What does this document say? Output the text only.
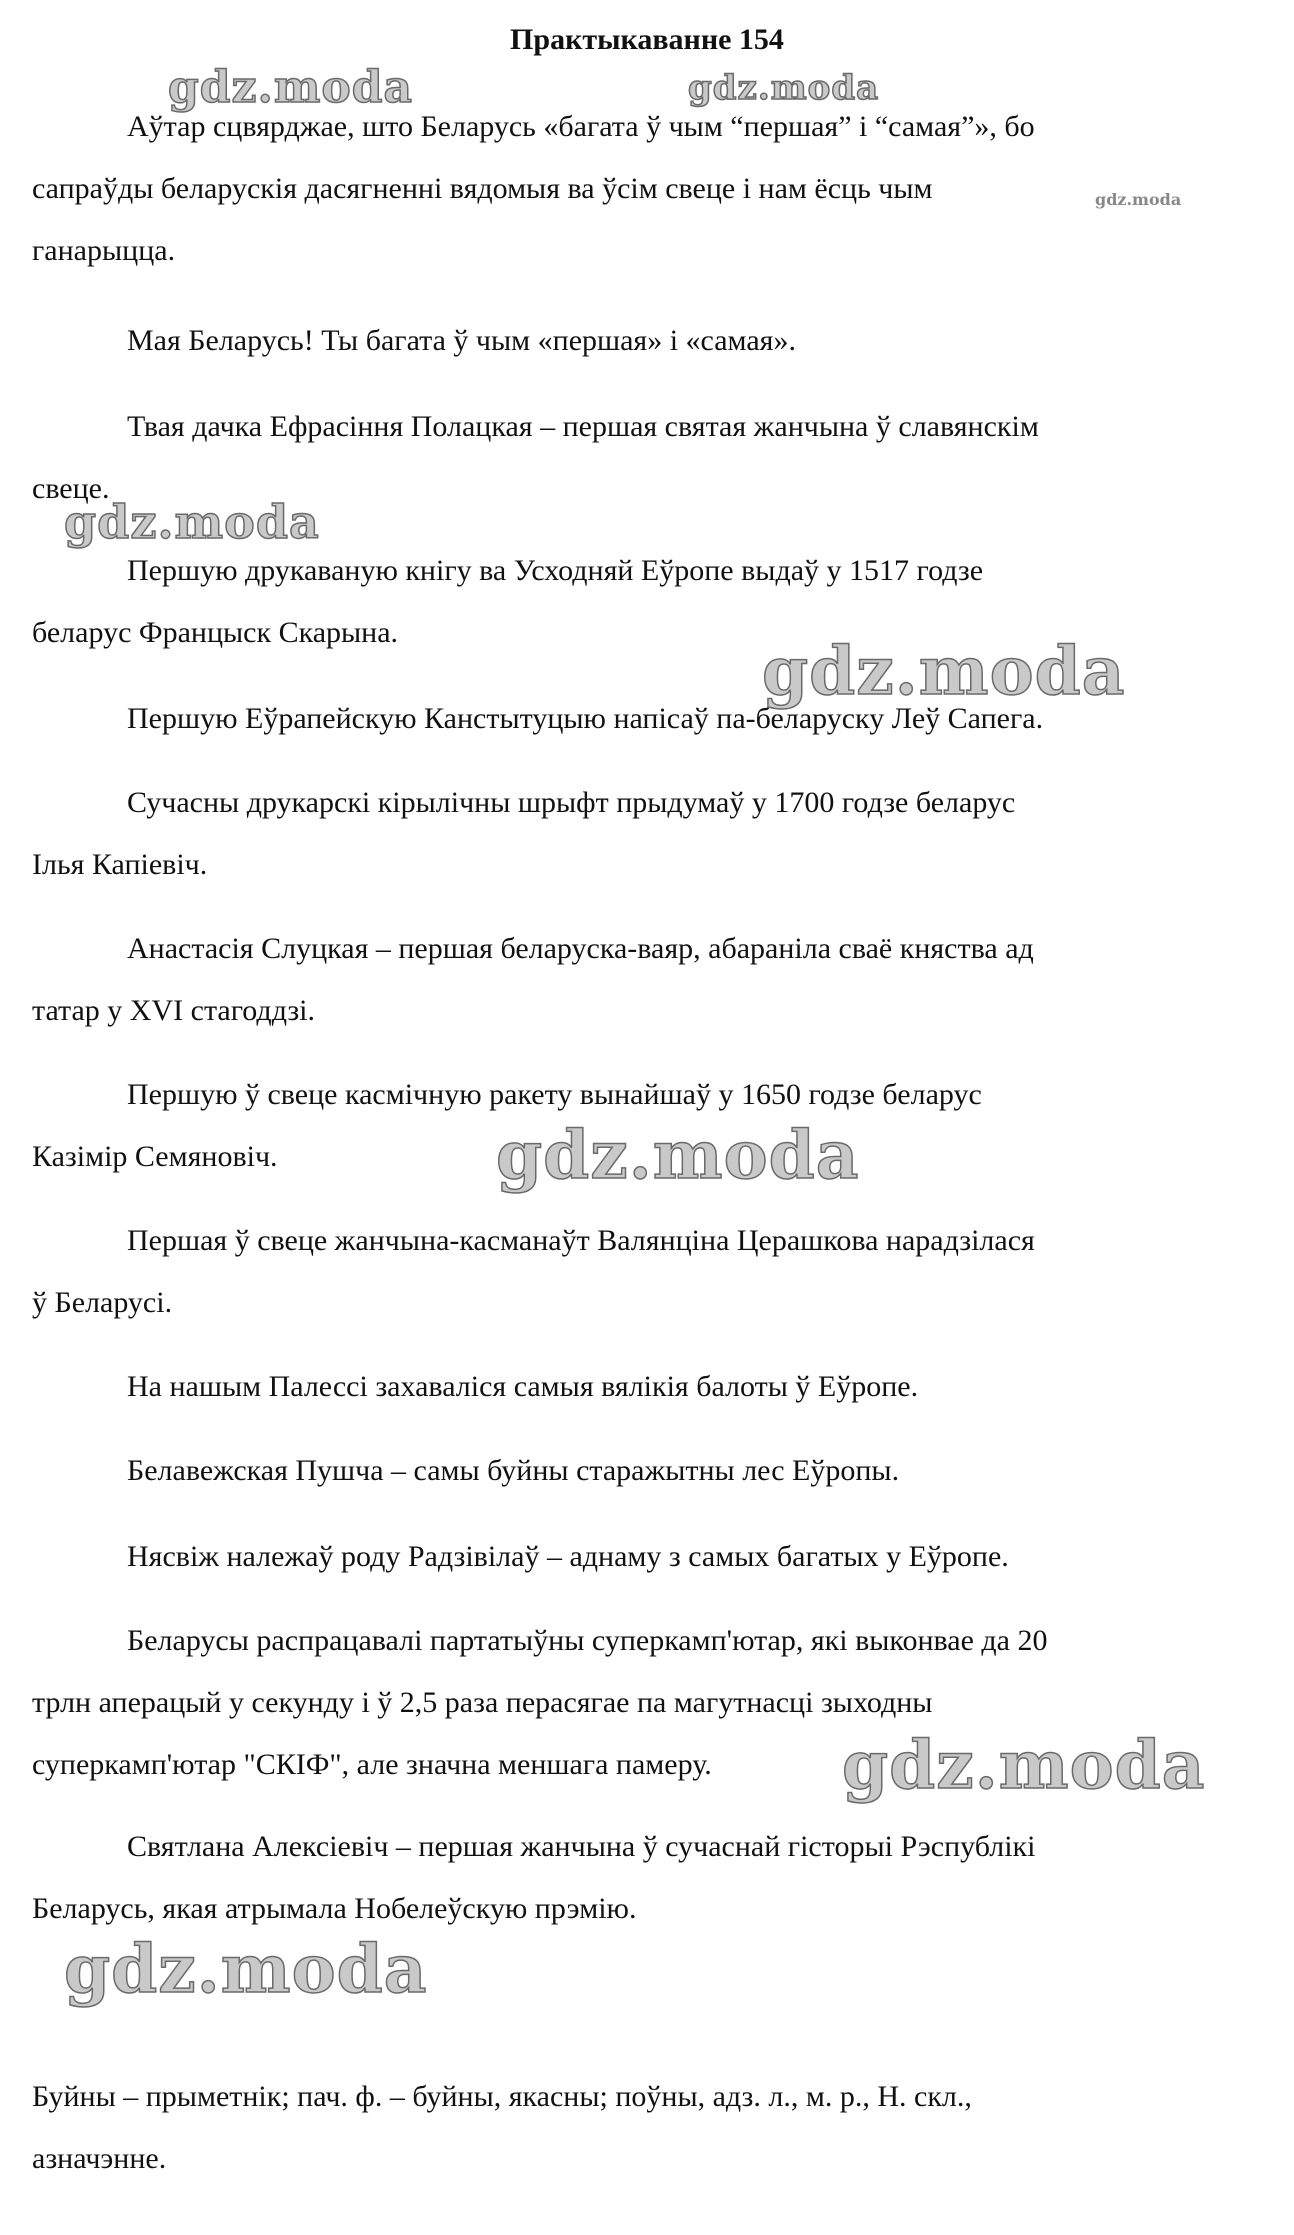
Практыкаванне 154
Аўтар сцвярджае, што Беларусь «багата ў чым “першая” і “самая”», бо
сапраўды беларускія дасягненні вядомыя ва ўсім свеце і нам ёсць чым
ганарыцца.
Мая Беларусь! Ты багата ў чым «першая» і «самая».
Твая дачка Ефрасіння Полацкая – першая святая жанчына ў славянскім
свеце.
Першую друкаваную кнігу ва Усходняй Еўропе выдаў у 1517 годзе
беларус Францыск Скарына.
Першую Еўрапейскую Канстытуцыю напісаў па-беларуску Леў Сапега.
Сучасны друкарскі кірылічны шрыфт прыдумаў у 1700 годзе беларус
Ілья Капіевіч.
Анастасія Слуцкая – першая беларуска-ваяр, абараніла сваё княства ад
татар у XVI стагоддзі.
Першую ў свеце касмічную ракету вынайшаў у 1650 годзе беларус
Казімір Семяновіч.
Першая ў свеце жанчына-касманаўт Валянціна Церашкова нарадзілася
ў Беларусі.
На нашым Палессі захаваліся самыя вялікія балоты ў Еўропе.
Белавежская Пушча – самы буйны старажытны лес Еўропы.
Нясвіж належаў роду Радзівілаў – аднаму з самых багатых у Еўропе.
Беларусы распрацавалі партатыўны суперкамп'ютар, які выконвае да 20
трлн аперацый у секунду і ў 2,5 раза перасягае па магутнасці зыходны
суперкамп'ютар "СКІФ", але значна меншага памеру.
Святлана Алексіевіч – першая жанчына ў сучаснай гісторыі Рэспублікі
Беларусь, якая атрымала Нобелеўскую прэмію.
Буйны – прыметнік; пач. ф. – буйны, якасны; поўны, адз. л., м. р., Н. скл.,
азначэнне.
gdz.moda	gdz.moda
gdz.moda
gdz.moda
gdz.moda
gdz.moda
gdz.moda
gdz.moda
